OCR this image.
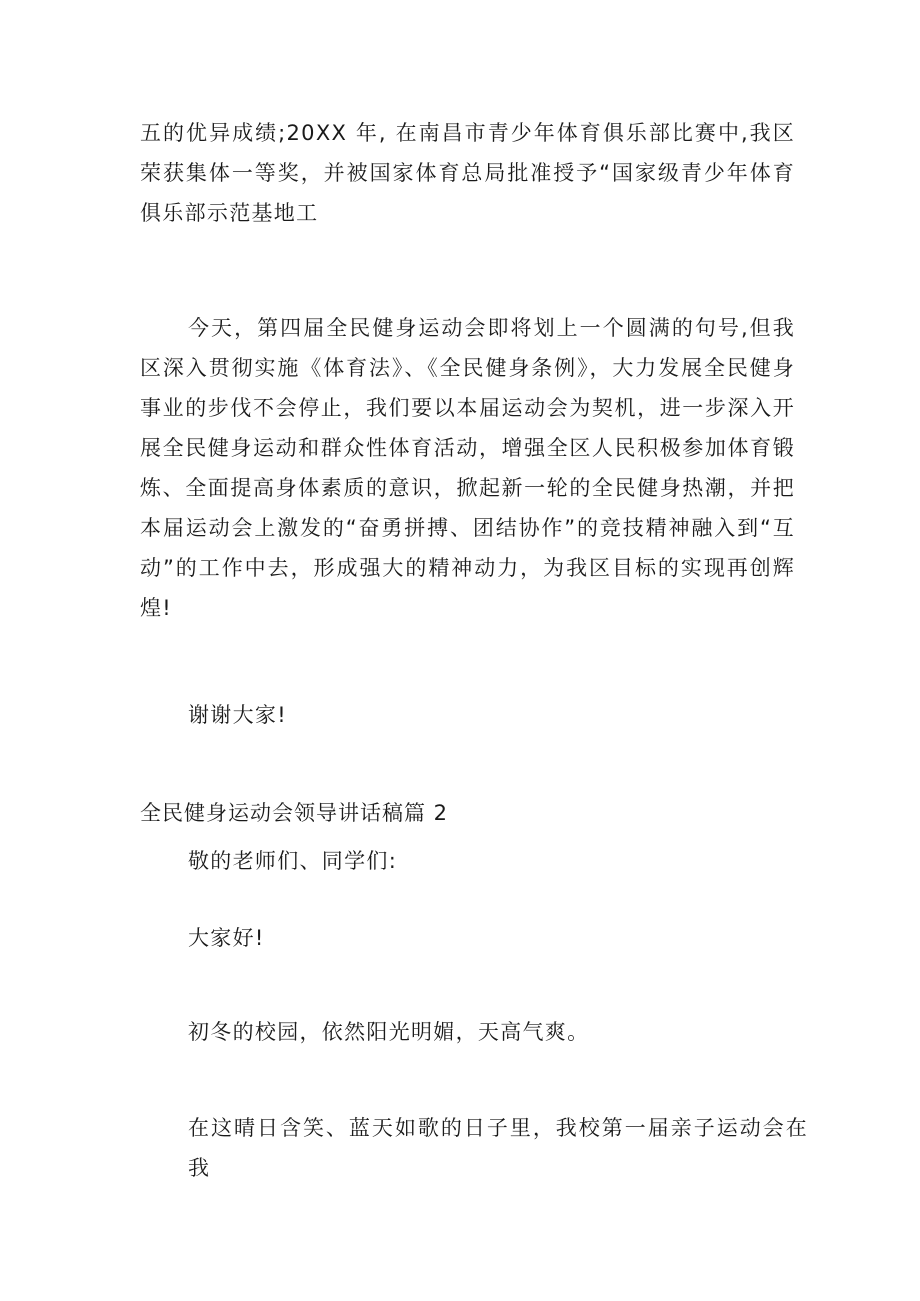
五的优异成绩;20XX 年, 在南昌市青少年体育俱乐部比赛中,我区荣获集体一等奖，并被国家体育总局批准授予“国家级青少年体育俱乐部示范基地工

今天，第四届全民健身运动会即将划上一个圆满的句号,但我区深入贯彻实施《体育法》、《全民健身条例》，大力发展全民健身事业的步伐不会停止，我们要以本届运动会为契机，进一步深入开展全民健身运动和群众性体育活动，增强全区人民积极参加体育锻炼、全面提高身体素质的意识，掀起新一轮的全民健身热潮，并把本届运动会上激发的“奋勇拼搏、团结协作”的竞技精神融入到“互动”的工作中去，形成强大的精神动力，为我区目标的实现再创辉煌!

谢谢大家!

全民健身运动会领导讲话稿篇 2

敬的老师们、同学们:

大家好!

初冬的校园，依然阳光明媚，天高气爽。

在这晴日含笑、蓝天如歌的日子里，我校第一届亲子运动会在我
